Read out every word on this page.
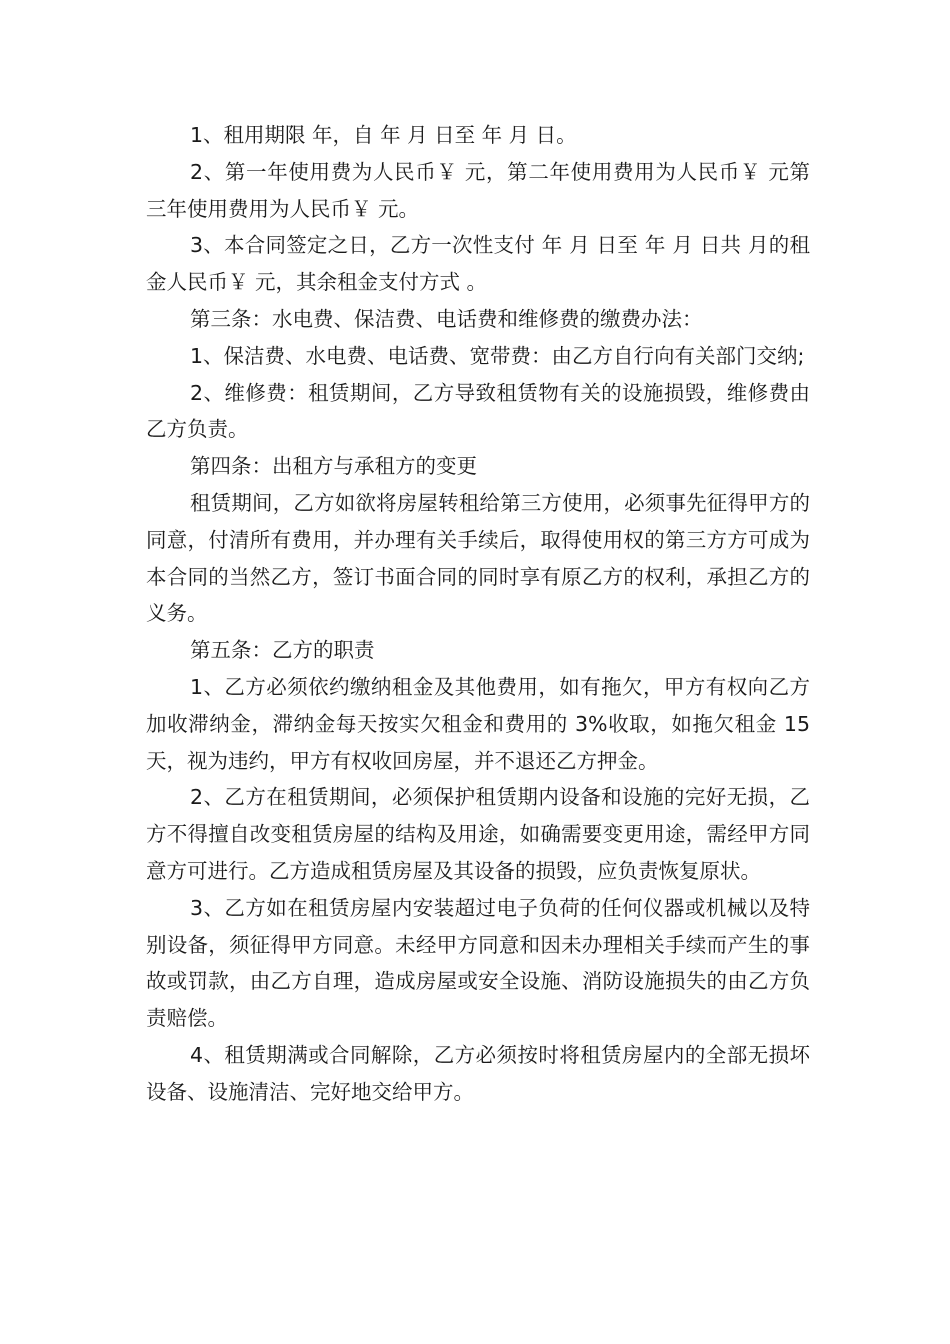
1、租用期限 年，自 年 月 日至 年 月 日。

2、第一年使用费为人民币￥ 元，第二年使用费用为人民币￥ 元第三年使用费用为人民币￥ 元。

3、本合同签定之日，乙方一次性支付 年 月 日至 年 月 日共 月的租金人民币￥ 元，其余租金支付方式 。

第三条：水电费、保洁费、电话费和维修费的缴费办法：

1、保洁费、水电费、电话费、宽带费：由乙方自行向有关部门交纳;

2、维修费：租赁期间，乙方导致租赁物有关的设施损毁，维修费由乙方负责。

第四条：出租方与承租方的变更

租赁期间，乙方如欲将房屋转租给第三方使用，必须事先征得甲方的同意，付清所有费用，并办理有关手续后，取得使用权的第三方方可成为本合同的当然乙方，签订书面合同的同时享有原乙方的权利，承担乙方的义务。

第五条：乙方的职责

1、乙方必须依约缴纳租金及其他费用，如有拖欠，甲方有权向乙方加收滞纳金，滞纳金每天按实欠租金和费用的 3%收取，如拖欠租金 15 天，视为违约，甲方有权收回房屋，并不退还乙方押金。

2、乙方在租赁期间，必须保护租赁期内设备和设施的完好无损，乙方不得擅自改变租赁房屋的结构及用途，如确需要变更用途，需经甲方同意方可进行。乙方造成租赁房屋及其设备的损毁，应负责恢复原状。

3、乙方如在租赁房屋内安装超过电子负荷的任何仪器或机械以及特别设备，须征得甲方同意。未经甲方同意和因未办理相关手续而产生的事故或罚款，由乙方自理，造成房屋或安全设施、消防设施损失的由乙方负责赔偿。

4、租赁期满或合同解除，乙方必须按时将租赁房屋内的全部无损坏设备、设施清洁、完好地交给甲方。
